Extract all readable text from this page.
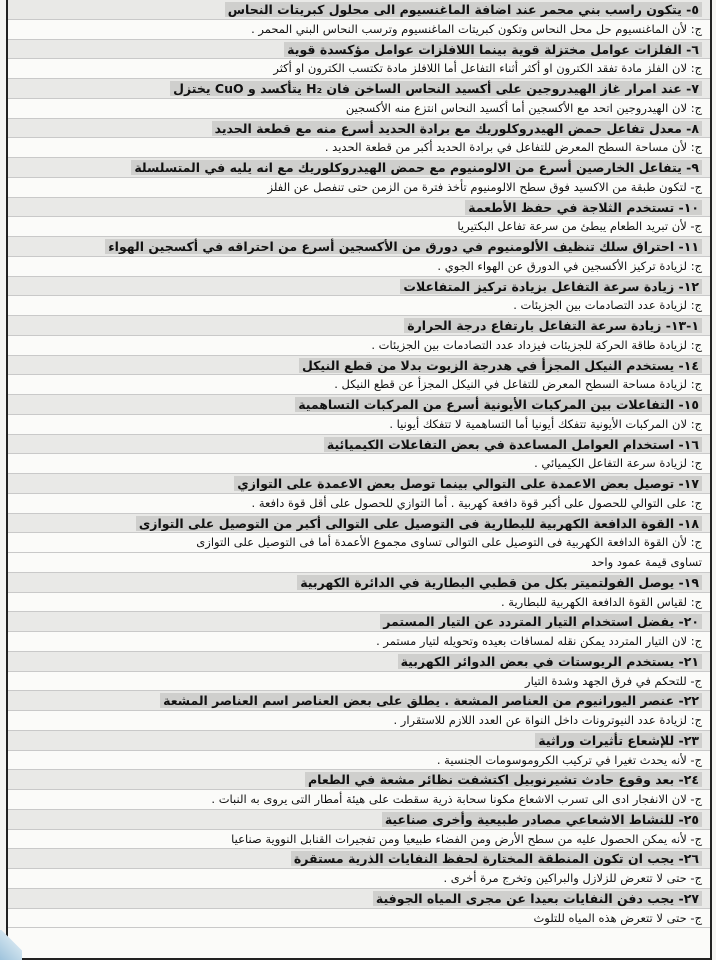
٥- يتكون راسب بني محمر عند اضافة الماغنسيوم الى محلول كبريتات النحاس
ج: لأن الماغنسيوم حل محل النحاس وتكون كبريتات الماغنسيوم وترسب النحاس البني المحمر .
٦- الفلزات عوامل مختزلة قوية بينما اللافلزات عوامل مؤكسدة قوية
ج: لان الفلز مادة تفقد الكترون او أكثر أثناء التفاعل أما اللافلز مادة تكتسب الكترون او أكثر
٧- عند امرار غاز الهيدروجين على أكسيد النحاس الساخن فان H₂ يتأكسد و CuO يختزل
ج: لان الهيدروجين اتحد مع الأكسجين أما أكسيد النحاس انتزع منه الأكسجين
٨- معدل تفاعل حمض الهيدروكلوريك مع برادة الحديد أسرع منه مع قطعة الحديد
ج: لأن مساحة السطح المعرض للتفاعل في برادة الحديد أكبر من قطعة الحديد .
٩- يتفاعل الخارصين أسرع من الالومنيوم مع حمض الهيدروكلوريك مع انه يليه في المتسلسلة
ج- لتكون طبقة من الاكسيد فوق سطح الالومنيوم تأخذ فترة من الزمن حتى تنفصل عن الفلز
١٠- تستخدم الثلاجة في حفظ الأطعمة
ج- لأن تبريد الطعام يبطئ من سرعة تفاعل البكتيريا
١١- احتراق سلك تنظيف الألومنيوم في دورق من الأكسجين أسرع من احتراقه في أكسجين الهواء
ج: لزيادة تركيز الأكسجين في الدورق عن الهواء الجوي .
١٢- زيادة سرعة التفاعل بزيادة تركيز المتفاعلات
ج: لزيادة عدد التصادمات بين الجزيئات .
١-١٣- زيادة سرعة التفاعل بارتفاع درجة الحرارة
ج: لزيادة طاقة الحركة للجزيئات فيزداد عدد التصادمات بين الجزيئات .
١٤- يستخدم النيكل المجزأ في هدرجة الزيوت بدلا من قطع النيكل
ج: لزيادة مساحة السطح المعرض للتفاعل في النيكل المجزأ عن قطع النيكل .
١٥- التفاعلات بين المركبات الأيونية أسرع من المركبات التساهمية
ج: لان المركبات الأيونية تتفكك أيونيا أما التساهمية لا تتفكك أيونيا .
١٦- استخدام العوامل المساعدة في بعض التفاعلات الكيميائية
ج: لزيادة سرعة التفاعل الكيميائي .
١٧- توصيل بعض الاعمدة على التوالي بينما توصل بعض الاعمدة على التوازي
ج: على التوالي للحصول على أكبر قوة دافعة كهربية . أما التوازي للحصول على أقل قوة دافعة .
١٨- القوة الدافعة الكهربية للبطارية فى التوصيل على التوالى أكبر من التوصيل على التوازى
ج: لأن القوة الدافعة الكهربية فى التوصيل على التوالى تساوى مجموع الأعمدة أما فى التوصيل على التوازى
تساوى قيمة عمود واحد
١٩- يوصل الفولتميتر بكل من قطبي البطارية في الدائرة الكهربية
ج: لقياس القوة الدافعة الكهربية للبطارية .
٢٠- يفضل استخدام التيار المتردد عن التيار المستمر
ج: لان التيار المتردد يمكن نقله لمسافات بعيده وتحويله لتيار مستمر .
٢١- يستخدم الريوستات في بعض الدوائر الكهربية
ج- للتحكم في فرق الجهد وشدة التيار
٢٢- عنصر اليورانيوم من العناصر المشعة . يطلق على بعض العناصر اسم العناصر المشعة
ج: لزيادة عدد النيوترونات داخل النواة عن العدد اللازم للاستقرار .
٢٣- للإشعاع تأثيرات وراثية
ج- لأنه يحدث تغيرا في تركيب الكروموسومات الجنسية .
٢٤- بعد وقوع حادث تشيرنوبيل اكتشفت نظائر مشعة في الطعام
ج- لان الانفجار ادى الى تسرب الاشعاع مكونا سحابة ذرية سقطت على هيئة أمطار التى يروى به النبات .
٢٥- للنشاط الاشعاعي مصادر طبيعية وأخرى صناعية
ج- لأنه يمكن الحصول عليه من سطح الأرض ومن الفضاء طبيعيا ومن تفجيرات القنابل النووية صناعيا
٢٦- يجب ان تكون المنطقة المختارة لحفظ النفايات الذرية مستقرة
ج- حتى لا تتعرض للزلازل والبراكين وتخرج مرة أخرى .
٢٧- يجب دفن النفايات بعيدا عن مجرى المياه الجوفية
ج- حتى لا تتعرض هذه المياه للتلوث
